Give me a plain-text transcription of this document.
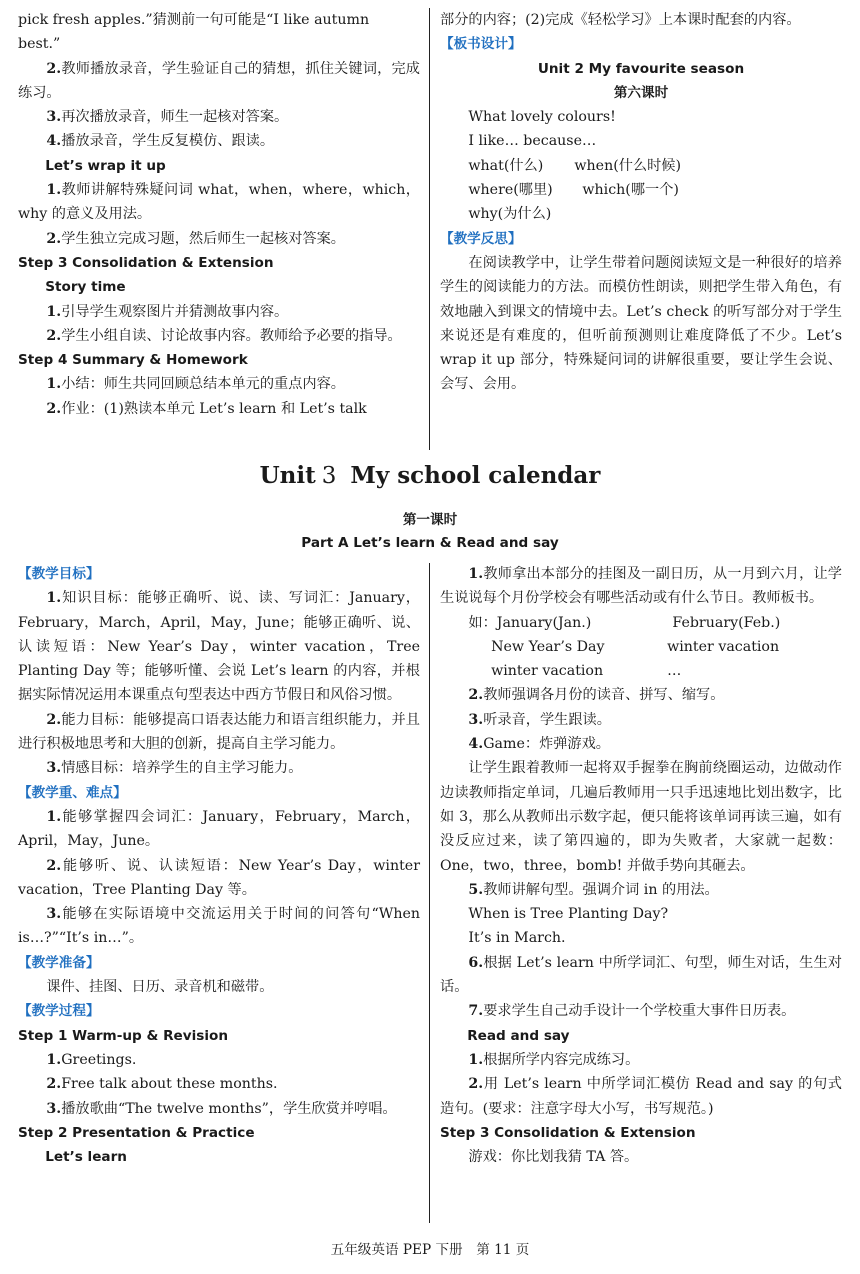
pick fresh apples.”猜测前一句可能是“I like autumn

best.”

2.教师播放录音，学生验证自己的猜想，抓住关键词，完成练习。

3.再次播放录音，师生一起核对答案。

4.播放录音，学生反复模仿、跟读。

Let’s wrap it up

1.教师讲解特殊疑问词 what，when，where，which，why 的意义及用法。

2.学生独立完成习题，然后师生一起核对答案。

Step 3 Consolidation & Extension

Story time

1.引导学生观察图片并猜测故事内容。

2.学生小组自读、讨论故事内容。教师给予必要的指导。

Step 4 Summary & Homework

1.小结：师生共同回顾总结本单元的重点内容。

2.作业：(1)熟读本单元 Let’s learn 和 Let’s talk

部分的内容；(2)完成《轻松学习》上本课时配套的内容。

【板书设计】

Unit 2 My favourite season

第六课时

What lovely colours!

I like… because…

what(什么)	when(什么时候)

where(哪里)	which(哪一个)

why(为什么)

【教学反思】

在阅读教学中，让学生带着问题阅读短文是一种很好的培养学生的阅读能力的方法。而模仿性朗读，则把学生带入角色，有效地融入到课文的情境中去。Let’s check 的听写部分对于学生来说还是有难度的，但听前预测则让难度降低了不少。Let’s wrap it up 部分，特殊疑问词的讲解很重要，要让学生会说、会写、会用。

Unit 3 My school calendar
第一课时
Part A Let’s learn & Read and say

【教学目标】

1.知识目标：能够正确听、说、读、写词汇：January，February，March，April，May，June；能够正确听、说、认读短语：New Year’s Day，winter vacation，Tree Planting Day 等；能够听懂、会说 Let’s learn 的内容，并根据实际情况运用本课重点句型表达中西方节假日和风俗习惯。

2.能力目标：能够提高口语表达能力和语言组织能力，并且进行积极地思考和大胆的创新，提高自主学习能力。

3.情感目标：培养学生的自主学习能力。

【教学重、难点】

1.能够掌握四会词汇：January，February，March，April，May，June。

2.能够听、说、认读短语：New Year’s Day，winter vacation，Tree Planting Day 等。

3.能够在实际语境中交流运用关于时间的问答句“When is…?”“It’s in…”。

【教学准备】

课件、挂图、日历、录音机和磁带。

【教学过程】

Step 1 Warm-up & Revision

1.Greetings.

2.Free talk about these months.

3.播放歌曲“The twelve months”，学生欣赏并哼唱。

Step 2 Presentation & Practice

Let’s learn

1.教师拿出本部分的挂图及一副日历，从一月到六月，让学生说说每个月份学校会有哪些活动或有什么节日。教师板书。

如：January(Jan.)	February(Feb.)

New Year’s Day	winter vacation

winter vacation	…

2.教师强调各月份的读音、拼写、缩写。

3.听录音，学生跟读。

4.Game：炸弹游戏。

让学生跟着教师一起将双手握拳在胸前绕圈运动，边做动作边读教师指定单词，几遍后教师用一只手迅速地比划出数字，比如 3，那么从教师出示数字起，便只能将该单词再读三遍，如有没反应过来，读了第四遍的，即为失败者，大家就一起数：One，two，three，bomb! 并做手势向其砸去。

5.教师讲解句型。强调介词 in 的用法。

When is Tree Planting Day?

It’s in March.

6.根据 Let’s learn 中所学词汇、句型，师生对话，生生对话。

7.要求学生自己动手设计一个学校重大事件日历表。

Read and say

1.根据所学内容完成练习。

2.用 Let’s learn 中所学词汇模仿 Read and say 的句式造句。(要求：注意字母大小写，书写规范。)

Step 3 Consolidation & Extension

游戏：你比划我猜 TA 答。

五年级英语 PEP 下册　第 11 页
